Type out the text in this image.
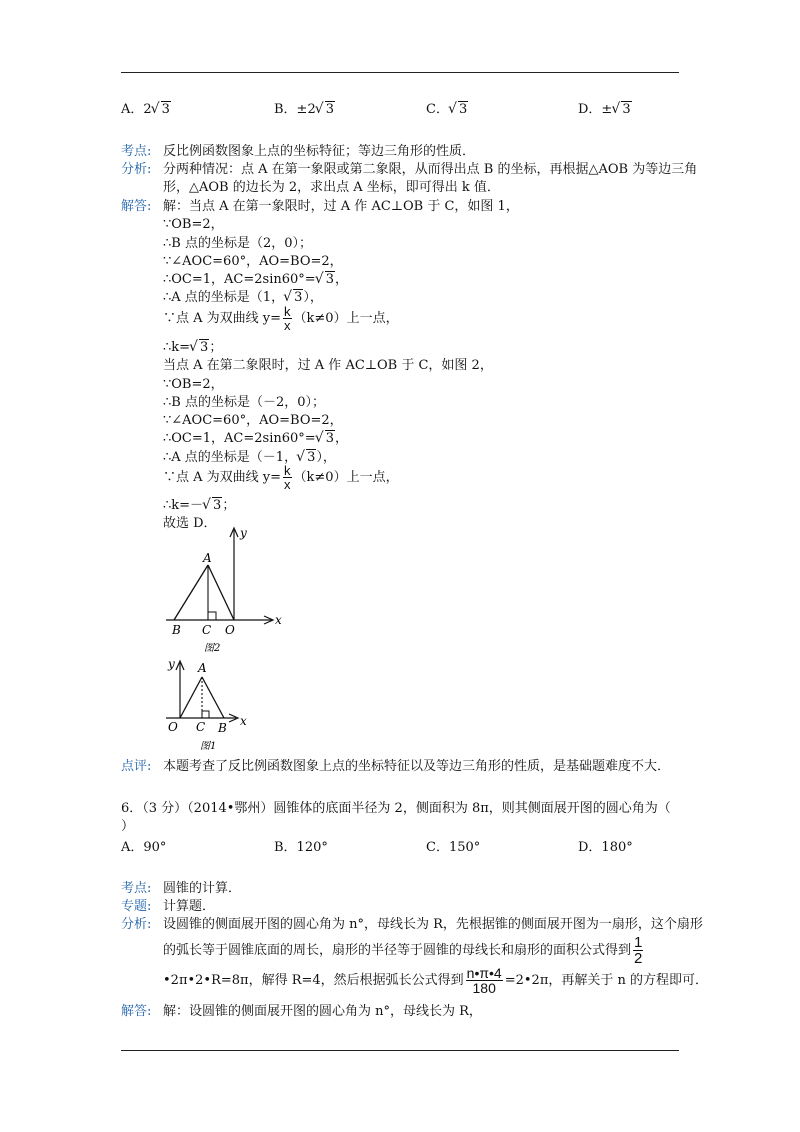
A．2 √ 3	B．±2 √ 3	C． √ 3	D．± √ 3
考点: 反比例函数图象上点的坐标特征；等边三角形的性质．
分析: 分两种情况：点 A 在第一象限或第二象限，从而得出点 B 的坐标，再根据△AOB 为等边三角
形，△AOB 的边长为 2，求出点 A 坐标，即可得出 k 值．
解答: 解：当点 A 在第一象限时，过 A 作 AC⊥OB 于 C，如图 1，
∵OB=2，
∴B 点的坐标是（2，0）；
∵∠AOC=60°，AO=BO=2，
∴OC=1，AC=2sin60°= √ 3，
∴A 点的坐标是（1， √ 3），
∵点 A 为双曲线 $y= \frac{k}{x} (k\ne 0)$上一点，
∴k= √ 3；
当点 A 在第二象限时，过 A 作 AC⊥OB 于 C，如图 2，
∵OB=2，
∴B 点的坐标是（－2，0）；
∵∠AOC=60°，AO=BO=2，
∴OC=1，AC=2sin60°= √ 3，
∴A 点的坐标是（－1， √ 3），
∵点 A 为双曲线 $y= \frac{k}{x} (k\ne 0)$上一点，
∴k=－ √ 3；
故选 D．
y
x
A
B C O
图2
y
x
A
O C B
图1
点评: 本题考查了反比例函数图象上点的坐标特征以及等边三角形的性质，是基础题难度不大．
6．（3 分）（2014•鄂州）圆锥体的底面半径为 2，侧面积为 8π，则其侧面展开图的圆心角为（
）
A．90°	B．120°	C．150°	D．180°
考点: 圆锥的计算．
专题: 计算题．
分析: 设圆锥的侧面展开图的圆心角为 n°，母线长为 R，先根据锥的侧面展开图为一扇形，这个扇形
的弧长等于圆锥底面的周长，扇形的半径等于圆锥的母线长和扇形的面积公式得到 $\frac{1}{2}$
•2π•2•R=8π，解得 R=4，然后根据弧长公式得到 $\frac{n•\pi•4}{180}$ =2•2π，再解关于 n 的方程即可．
解答: 解：设圆锥的侧面展开图的圆心角为 n°，母线长为 R，
